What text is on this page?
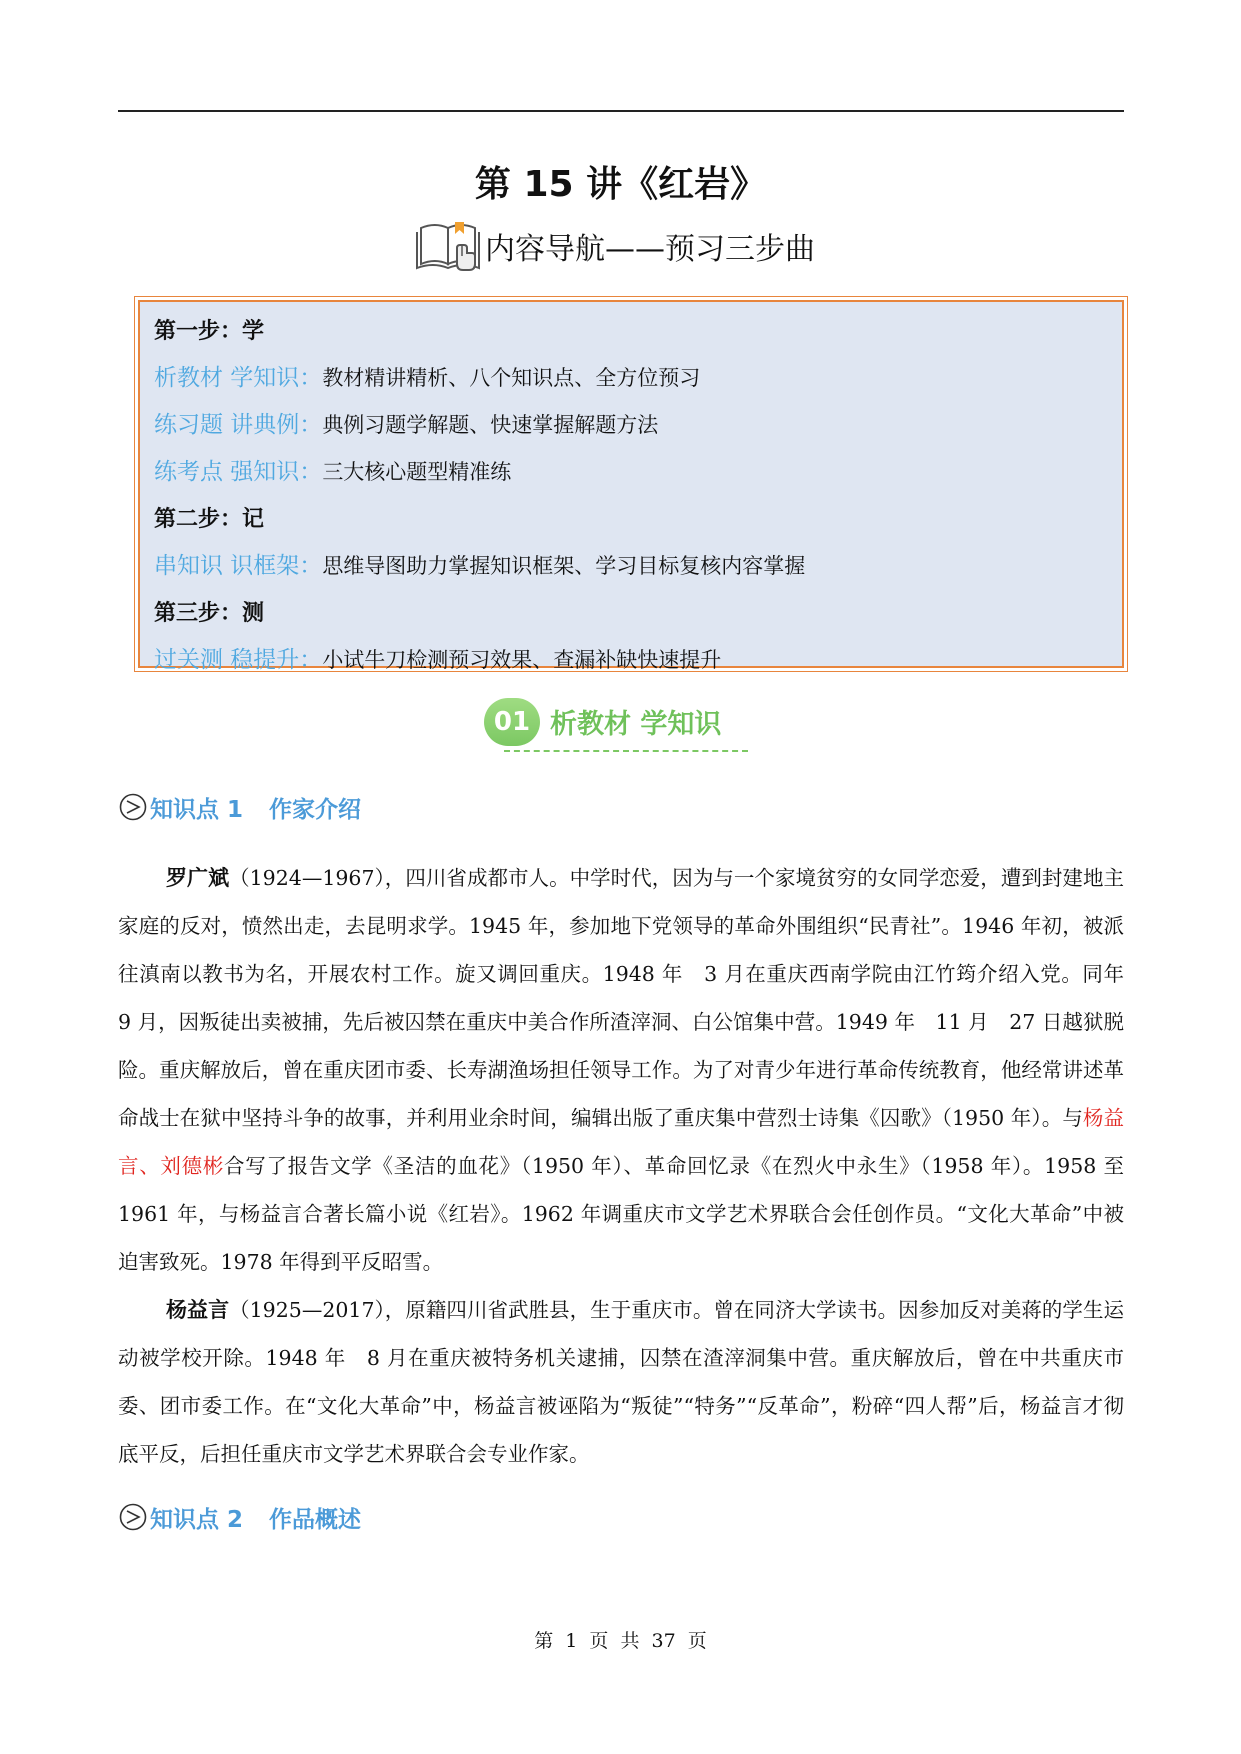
第 15 讲《红岩》
内容导航——预习三步曲
第一步：学
析教材 学知识：教材精讲精析、八个知识点、全方位预习
练习题 讲典例：典例习题学解题、快速掌握解题方法
练考点 强知识：三大核心题型精准练
第二步：记
串知识 识框架：思维导图助力掌握知识框架、学习目标复核内容掌握
第三步：测
过关测 稳提升：小试牛刀检测预习效果、查漏补缺快速提升
01 析教材 学知识
知识点 1 作家介绍

罗广斌（1924—1967），四川省成都市人。中学时代，因为与一个家境贫穷的女同学恋爱，遭到封建地主家庭的反对，愤然出走，去昆明求学。1945 年，参加地下党领导的革命外围组织“民青社”。1946 年初，被派往滇南以教书为名，开展农村工作。旋又调回重庆。1948 年　3 月在重庆西南学院由江竹筠介绍入党。同年　9 月，因叛徒出卖被捕，先后被囚禁在重庆中美合作所渣滓洞、白公馆集中营。1949 年　11 月　27 日越狱脱险。重庆解放后，曾在重庆团市委、长寿湖渔场担任领导工作。为了对青少年进行革命传统教育，他经常讲述革命战士在狱中坚持斗争的故事，并利用业余时间，编辑出版了重庆集中营烈士诗集《囚歌》（1950 年）。与杨益言、刘德彬合写了报告文学《圣洁的血花》（1950 年）、革命回忆录《在烈火中永生》（1958 年）。1958 至　1961 年，与杨益言合著长篇小说《红岩》。1962 年调重庆市文学艺术界联合会任创作员。“文化大革命”中被迫害致死。1978 年得到平反昭雪。

杨益言（1925—2017），原籍四川省武胜县，生于重庆市。曾在同济大学读书。因参加反对美蒋的学生运动被学校开除。1948 年　8 月在重庆被特务机关逮捕，囚禁在渣滓洞集中营。重庆解放后，曾在中共重庆市委、团市委工作。在“文化大革命”中，杨益言被诬陷为“叛徒”“特务”“反革命”，粉碎“四人帮”后，杨益言才彻底平反，后担任重庆市文学艺术界联合会专业作家。

知识点 2 作品概述
第 1 页 共 37 页
